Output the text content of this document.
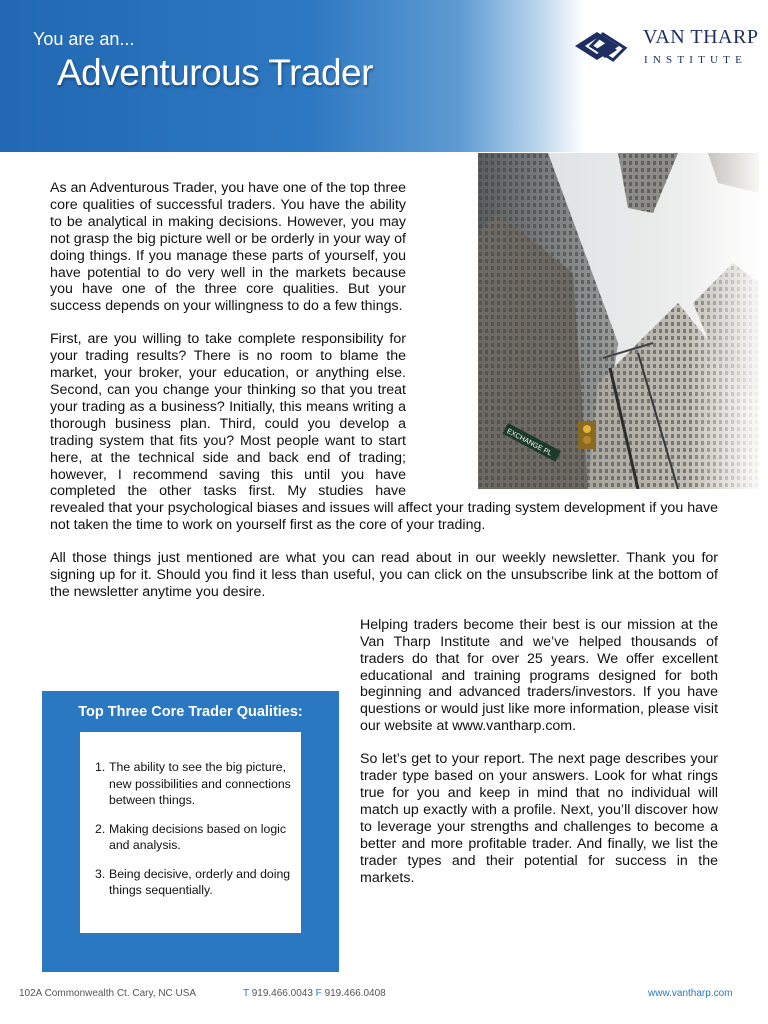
You are an...
Adventurous Trader
VAN THARP
INSTITUTE

As an Adventurous Trader, you have one of the top three core qualities of successful traders. You have the ability to be analytical in making decisions. However, you may not grasp the big picture well or be orderly in your way of doing things. If you manage these parts of yourself, you have potential to do very well in the markets because you have one of the three core qualities. But your success depends on your willingness to do a few things.

First, are you willing to take complete responsibility for your trading results? There is no room to blame the market, your broker, your education, or anything else. Second, can you change your thinking so that you treat your trading as a business? Initially, this means writing a thorough business plan. Third, could you develop a trading system that fits you? Most people want to start here, at the technical side and back end of trading; however, I recommend saving this until you have completed the other tasks first. My studies have revealed that your psychological biases and issues will affect your trading system development if you have not taken the time to work on yourself first as the core of your trading.

All those things just mentioned are what you can read about in our weekly newsletter. Thank you for signing up for it. Should you find it less than useful, you can click on the unsubscribe link at the bottom of the newsletter anytime you desire.

Helping traders become their best is our mission at the Van Tharp Institute and we’ve helped thousands of traders do that for over 25 years. We offer excellent educational and training programs designed for both beginning and advanced traders/investors. If you have questions or would just like more information, please visit our website at www.vantharp.com.

So let’s get to your report. The next page describes your trader type based on your answers. Look for what rings true for you and keep in mind that no individual will match up exactly with a profile. Next, you’ll discover how to leverage your strengths and challenges to become a better and more profitable trader. And finally, we list the trader types and their potential for success in the markets.

Top Three Core Trader Qualities:
1. The ability to see the big picture, new possibilities and connections between things.
2. Making decisions based on logic and analysis.
3. Being decisive, orderly and doing things sequentially.
102A Commonwealth Ct. Cary, NC USA	T 919.466.0043 F 919.466.0408	www.vantharp.com
